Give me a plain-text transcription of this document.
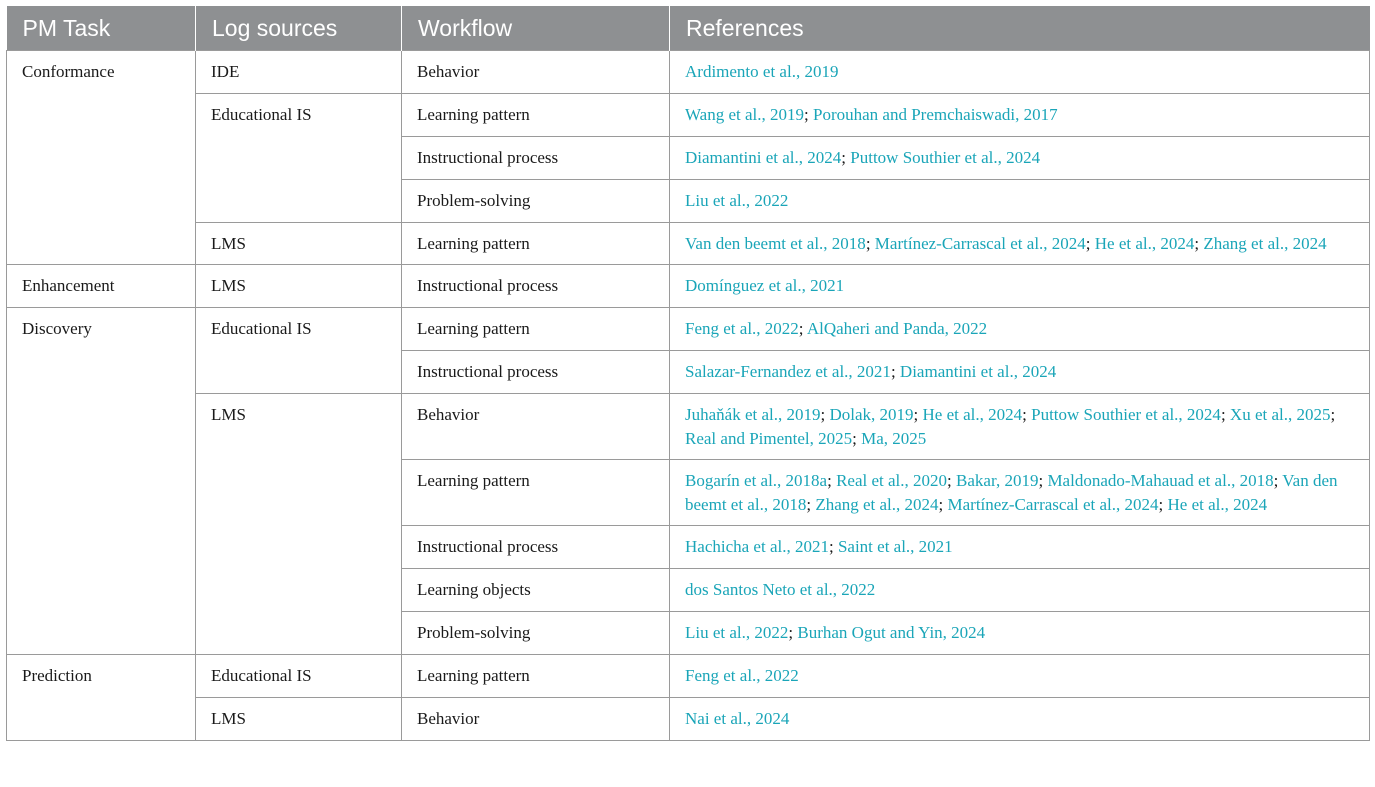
PM Task	Log sources	Workflow	References
Conformance	IDE	Behavior	Ardimento et al., 2019
	Educational IS	Learning pattern	Wang et al., 2019; Porouhan and Premchaiswadi, 2017
		Instructional process	Diamantini et al., 2024; Puttow Southier et al., 2024
		Problem-solving	Liu et al., 2022
	LMS	Learning pattern	Van den beemt et al., 2018; Martínez-Carrascal et al., 2024; He et al., 2024; Zhang et al., 2024
Enhancement	LMS	Instructional process	Domínguez et al., 2021
Discovery	Educational IS	Learning pattern	Feng et al., 2022; AlQaheri and Panda, 2022
		Instructional process	Salazar-Fernandez et al., 2021; Diamantini et al., 2024
	LMS	Behavior	Juhaňák et al., 2019; Dolak, 2019; He et al., 2024; Puttow Southier et al., 2024; Xu et al., 2025; Real and Pimentel, 2025; Ma, 2025
		Learning pattern	Bogarín et al., 2018a; Real et al., 2020; Bakar, 2019; Maldonado-Mahauad et al., 2018; Van den beemt et al., 2018; Zhang et al., 2024; Martínez-Carrascal et al., 2024; He et al., 2024
		Instructional process	Hachicha et al., 2021; Saint et al., 2021
		Learning objects	dos Santos Neto et al., 2022
		Problem-solving	Liu et al., 2022; Burhan Ogut and Yin, 2024
Prediction	Educational IS	Learning pattern	Feng et al., 2022
	LMS	Behavior	Nai et al., 2024
